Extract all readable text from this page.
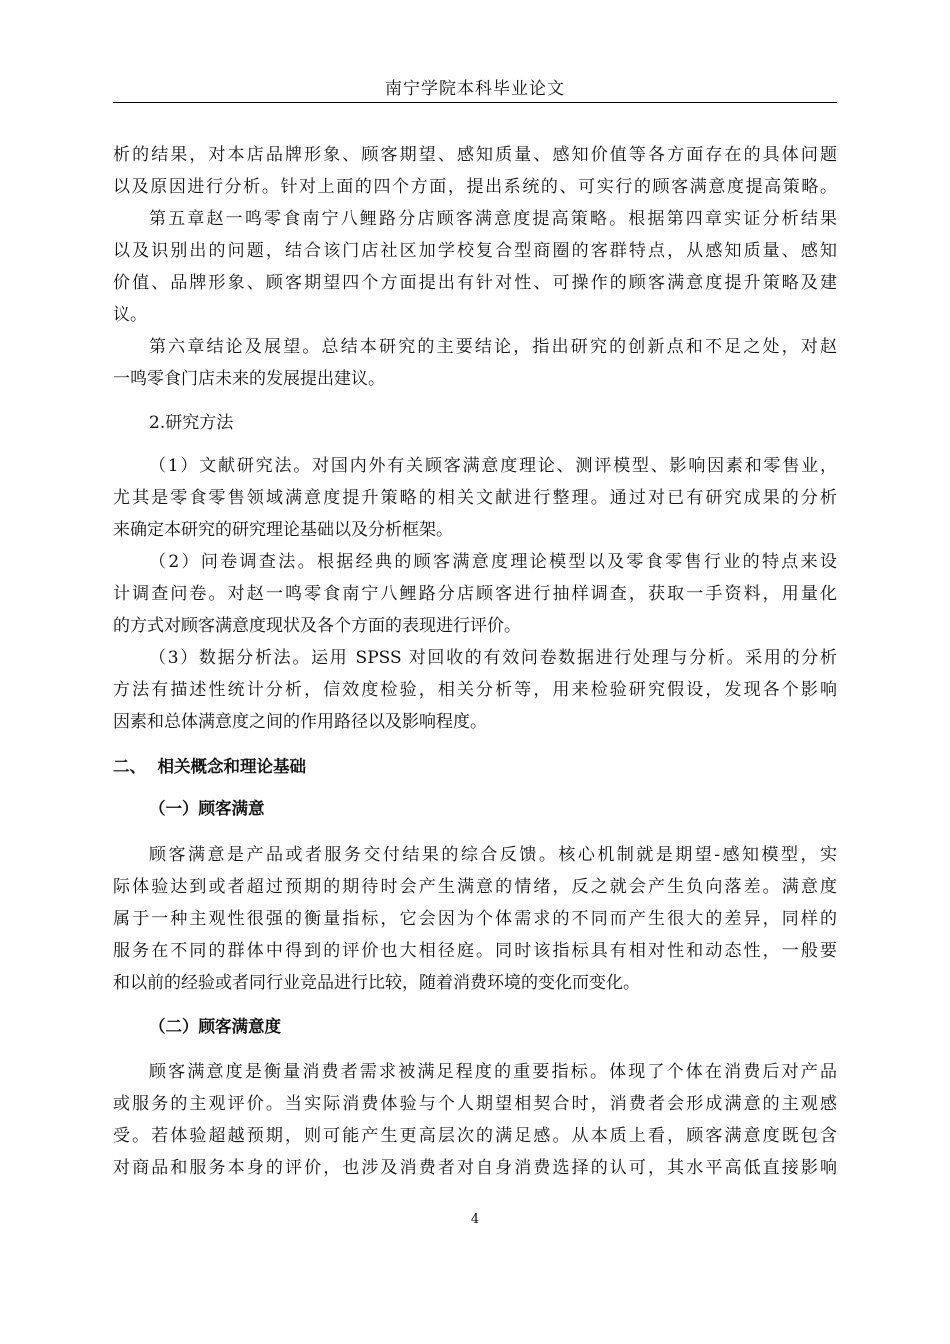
南宁学院本科毕业论文
析的结果，对本店品牌形象、顾客期望、感知质量、感知价值等各方面存在的具体问题
以及原因进行分析。针对上面的四个方面，提出系统的、可实行的顾客满意度提高策略。
第五章赵一鸣零食南宁八鲤路分店顾客满意度提高策略。根据第四章实证分析结果
以及识别出的问题，结合该门店社区加学校复合型商圈的客群特点，从感知质量、感知
价值、品牌形象、顾客期望四个方面提出有针对性、可操作的顾客满意度提升策略及建
议。
第六章结论及展望。总结本研究的主要结论，指出研究的创新点和不足之处，对赵
一鸣零食门店未来的发展提出建议。
2.研究方法
（1）文献研究法。对国内外有关顾客满意度理论、测评模型、影响因素和零售业，
尤其是零食零售领域满意度提升策略的相关文献进行整理。通过对已有研究成果的分析
来确定本研究的研究理论基础以及分析框架。
（2）问卷调查法。根据经典的顾客满意度理论模型以及零食零售行业的特点来设
计调查问卷。对赵一鸣零食南宁八鲤路分店顾客进行抽样调查，获取一手资料，用量化
的方式对顾客满意度现状及各个方面的表现进行评价。
（3）数据分析法。运用 SPSS 对回收的有效问卷数据进行处理与分析。采用的分析
方法有描述性统计分析，信效度检验，相关分析等，用来检验研究假设，发现各个影响
因素和总体满意度之间的作用路径以及影响程度。
二、  相关概念和理论基础
（一）顾客满意
顾客满意是产品或者服务交付结果的综合反馈。核心机制就是期望-感知模型，实
际体验达到或者超过预期的期待时会产生满意的情绪，反之就会产生负向落差。满意度
属于一种主观性很强的衡量指标，它会因为个体需求的不同而产生很大的差异，同样的
服务在不同的群体中得到的评价也大相径庭。同时该指标具有相对性和动态性，一般要
和以前的经验或者同行业竞品进行比较，随着消费环境的变化而变化。
（二）顾客满意度
顾客满意度是衡量消费者需求被满足程度的重要指标。体现了个体在消费后对产品
或服务的主观评价。当实际消费体验与个人期望相契合时，消费者会形成满意的主观感
受。若体验超越预期，则可能产生更高层次的满足感。从本质上看，顾客满意度既包含
对商品和服务本身的评价，也涉及消费者对自身消费选择的认可，其水平高低直接影响
4
